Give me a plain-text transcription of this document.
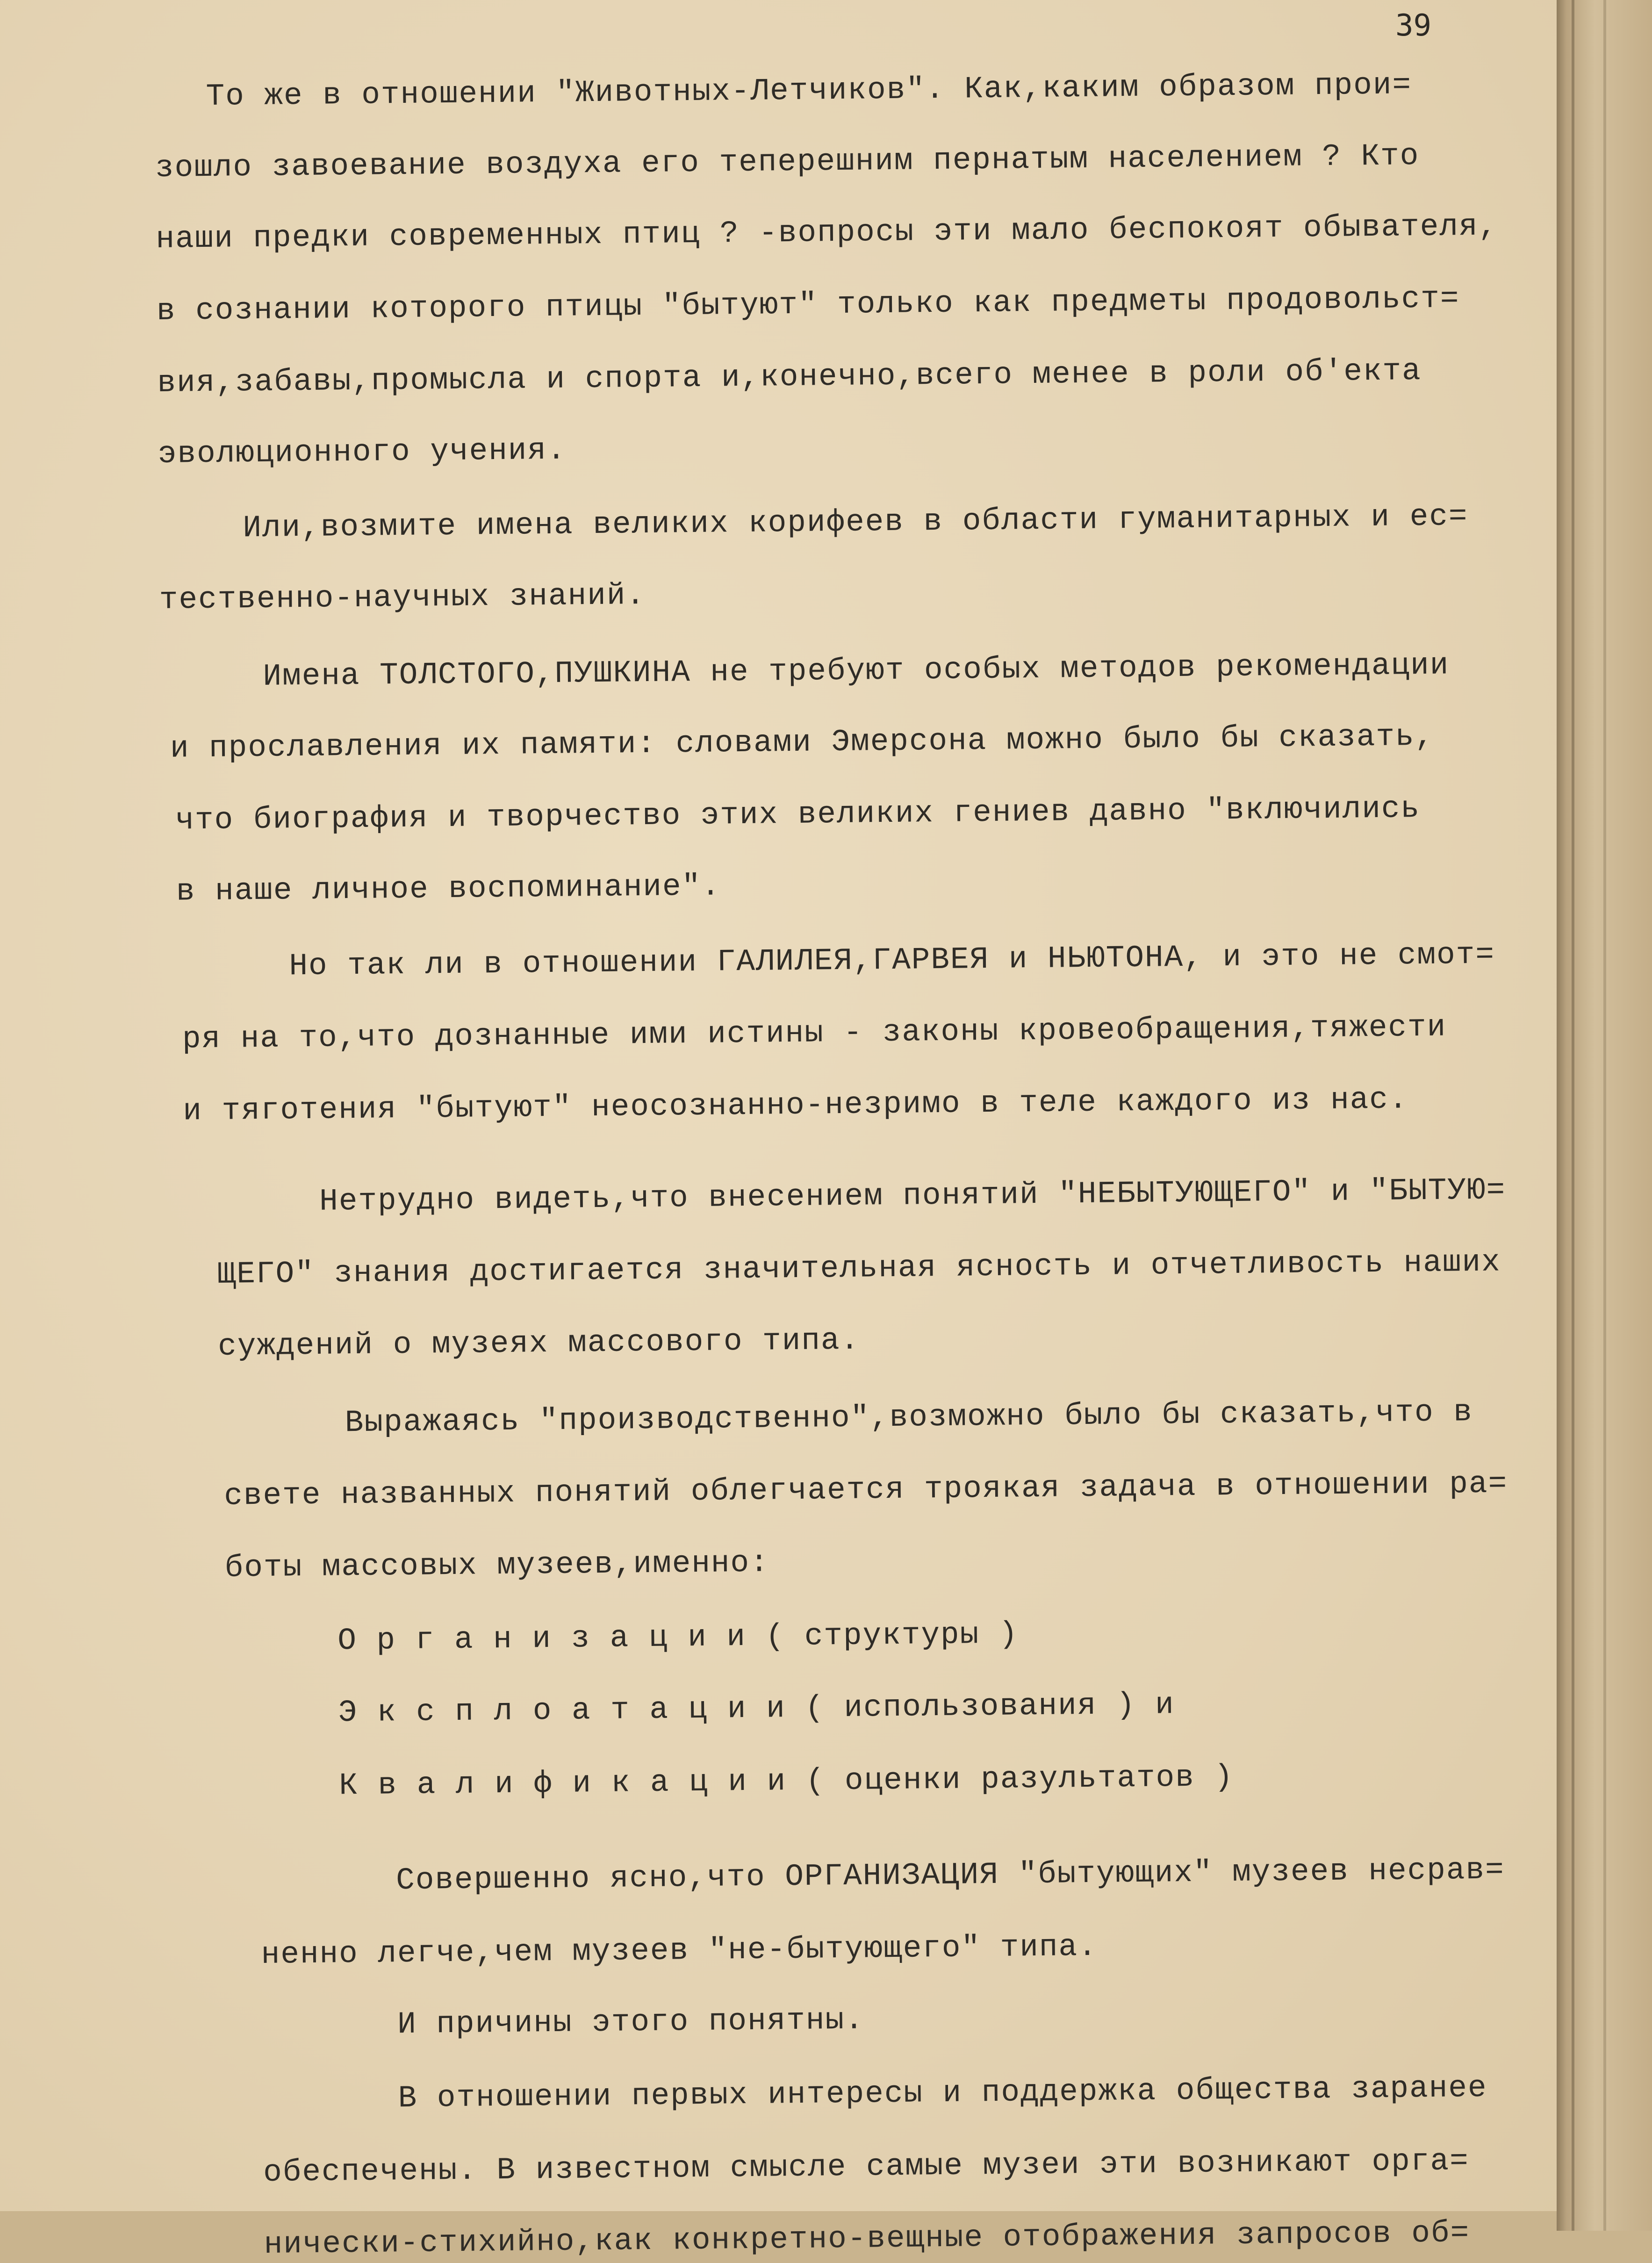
39
То же в отношении "Животных-Летчиков". Как,каким образом прои=
зошло завоевание воздуха его теперешним пернатым населением ? Кто
наши предки современных птиц ? -вопросы эти мало беспокоят обывателя,
в сознании которого птицы "бытуют" только как предметы продовольст=
вия,забавы,промысла и спорта и,конечно,всего менее в роли об'екта
эволюционного учения.
Или,возмите имена великих корифеев в области гуманитарных и ес=
тественно-научных знаний.
Имена ТОЛСТОГО,ПУШКИНА не требуют особых методов рекомендации
и прославления их памяти: словами Эмерсона можно было бы сказать,
что биография и творчество этих великих гениев давно "включились
в наше личное воспоминание".
Но так ли в отношении ГАЛИЛЕЯ,ГАРВЕЯ и НЬЮТОНА, и это не смот=
ря на то,что дознанные ими истины - законы кровеобращения,тяжести
и тяготения "бытуют" неосознанно-незримо в теле каждого из нас.
Нетрудно видеть,что внесением понятий "НЕБЫТУЮЩЕГО" и "БЫТУЮ=
ЩЕГО" знания достигается значительная ясность и отчетливость наших
суждений о музеях массового типа.
Выражаясь "производственно",возможно было бы сказать,что в
свете названных понятий облегчается троякая задача в отношении ра=
боты массовых музеев,именно:
О р г а н и з а ц и и ( структуры )
Э к с п л о а т а ц и и ( использования ) и
К в а л и ф и к а ц и и ( оценки разультатов )
Совершенно ясно,что ОРГАНИЗАЦИЯ "бытующих" музеев несрав=
ненно легче,чем музеев "не-бытующего" типа.
И причины этого понятны.
В отношении первых интересы и поддержка общества заранее
обеспечены. В известном смысле самые музеи эти возникают орга=
нически-стихийно,как конкретно-вещные отображения запросов об=
